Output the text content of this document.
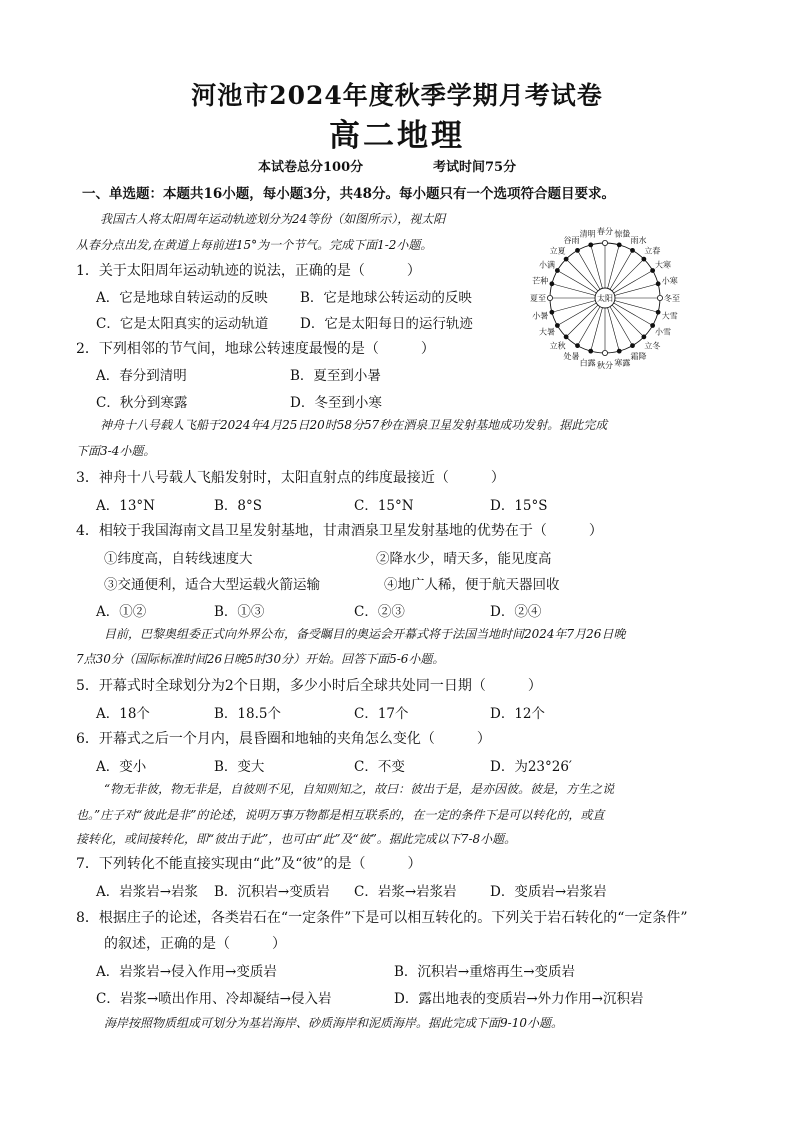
河池市2024年度秋季学期月考试卷
高二地理
本试卷总分100分	考试时间75分
一、单选题：本题共16小题，每小题3分，共48分。每小题只有一个选项符合题目要求。
我国古人将太阳周年运动轨迹划分为24等份（如图所示），视太阳
从春分点出发,在黄道上每前进15°为一个节气。完成下面1-2小题。
1．关于太阳周年运动轨迹的说法，正确的是（　　　）
A．它是地球自转运动的反映 B．它是地球公转运动的反映
C．它是太阳真实的运动轨道 D．它是太阳每日的运行轨迹
2．下列相邻的节气间，地球公转速度最慢的是（　　　）
A．春分到清明	B．夏至到小暑
C．秋分到寒露	D．冬至到小寒
太阳
春分 惊蛰
雨水
立春
大寒
小寒
冬至
大雪
小雪
立冬
霜降
寒露
秋分
白露
处暑
立秋
大暑
小暑
夏至
芒种
小满
立夏
谷雨
清明
神舟十八号载人飞船于2024年4月25日20时58分57秒在酒泉卫星发射基地成功发射。据此完成
下面3-4小题。
3．神舟十八号载人飞船发射时，太阳直射点的纬度最接近（　　　）
A．13°N	B．8°S	C．15°N	D．15°S
4．相较于我国海南文昌卫星发射基地，甘肃酒泉卫星发射基地的优势在于（　　　）
①纬度高，自转线速度大	②降水少，晴天多，能见度高
③交通便利，适合大型运载火箭运输	④地广人稀，便于航天器回收
A．①②	B．①③	C．②③	D．②④
目前，巴黎奥组委正式向外界公布，备受瞩目的奥运会开幕式将于法国当地时间2024年7月26日晚
7点30分（国际标准时间26日晚5时30分）开始。回答下面5-6小题。
5．开幕式时全球划分为2个日期，多少小时后全球共处同一日期（　　　）
A．18个	B．18.5个	C．17个	D．12个
6．开幕式之后一个月内，晨昏圈和地轴的夹角怎么变化（　　　）
A．变小	B．变大	C．不变	D．为23°26′
“物无非彼，物无非是，自彼则不见，自知则知之，故曰：彼出于是，是亦因彼。彼是，方生之说
也。”庄子对“彼此是非”的论述，说明万事万物都是相互联系的，在一定的条件下是可以转化的，或直
接转化，或间接转化，即“彼出于此”，也可由“此”及“彼”。据此完成以下7-8小题。
7．下列转化不能直接实现由“此”及“彼”的是（　　　）
A．岩浆岩→岩浆 B．沉积岩→变质岩 C．岩浆→岩浆岩 D．变质岩→岩浆岩
8．根据庄子的论述，各类岩石在“一定条件”下是可以相互转化的。下列关于岩石转化的“一定条件”
的叙述，正确的是（　　　）
A．岩浆岩→侵入作用→变质岩	B．沉积岩→重熔再生→变质岩
C．岩浆→喷出作用、冷却凝结→侵入岩	D．露出地表的变质岩→外力作用→沉积岩
海岸按照物质组成可划分为基岩海岸、砂质海岸和泥质海岸。据此完成下面9-10小题。
